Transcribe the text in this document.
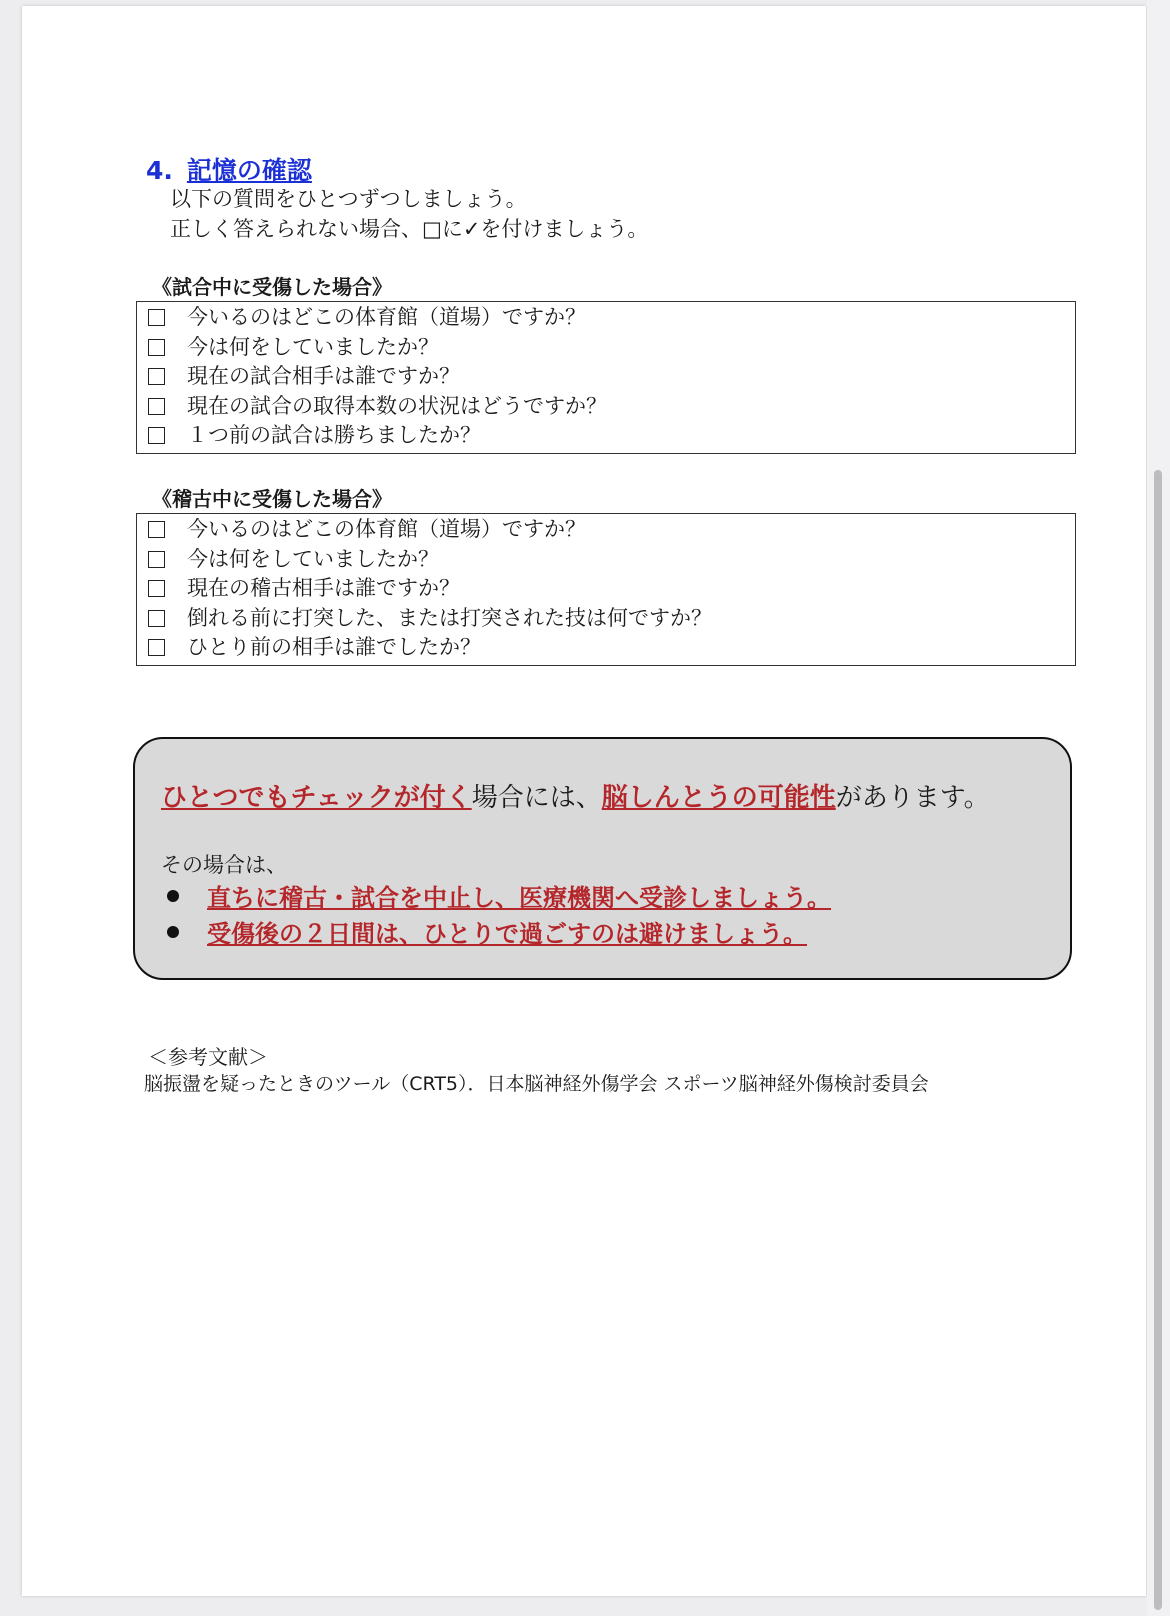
4. 記憶の確認
以下の質問をひとつずつしましょう。
正しく答えられない場合、□に✓を付けましょう。
《試合中に受傷した場合》
今いるのはどこの体育館（道場）ですか？
今は何をしていましたか？
現在の試合相手は誰ですか？
現在の試合の取得本数の状況はどうですか？
１つ前の試合は勝ちましたか？
《稽古中に受傷した場合》
今いるのはどこの体育館（道場）ですか？
今は何をしていましたか？
現在の稽古相手は誰ですか？
倒れる前に打突した、または打突された技は何ですか？
ひとり前の相手は誰でしたか？
ひとつでもチェックが付く場合には、脳しんとうの可能性があります。
その場合は、
直ちに稽古・試合を中止し、医療機関へ受診しましょう。
受傷後の２日間は、ひとりで過ごすのは避けましょう。
＜参考文献＞
脳振盪を疑ったときのツール（CRT5）．日本脳神経外傷学会 スポーツ脳神経外傷検討委員会
